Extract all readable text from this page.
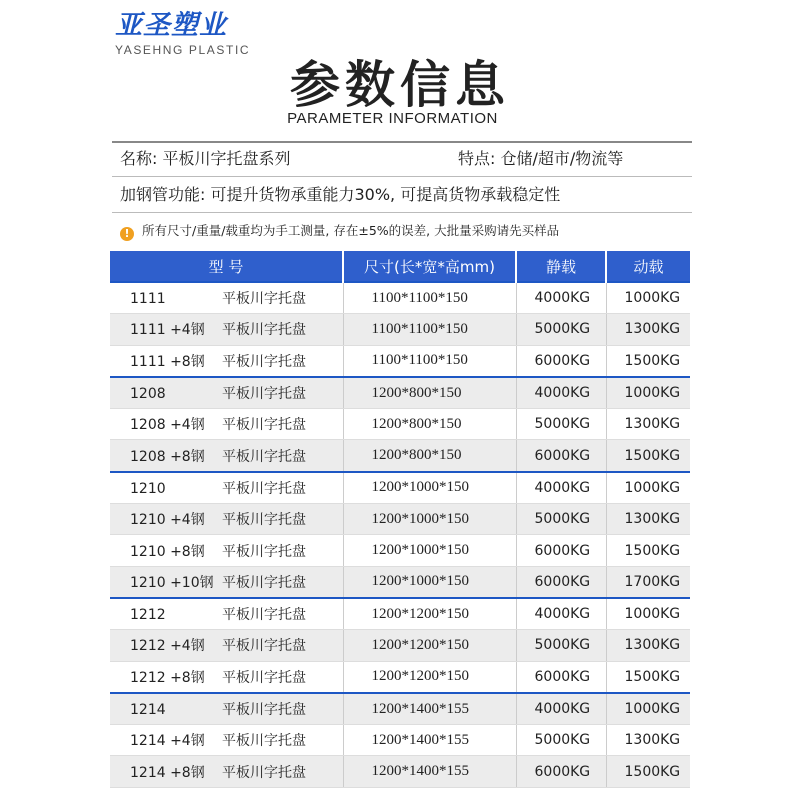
亚圣塑业
YASEHNG PLASTIC
参数信息
PARAMETER INFORMATION
名称: 平板川字托盘系列	特点: 仓储/超市/物流等
加钢管功能: 可提升货物承重能力30%, 可提高货物承载稳定性
! 所有尺寸/重量/载重均为手工测量, 存在±5%的误差, 大批量采购请先买样品
型 号	尺寸(长*宽*高mm)	静载	动载
1111 平板川字托盘	1100*1100*150	4000KG	1000KG
1111 +4钢 平板川字托盘	1100*1100*150	5000KG	1300KG
1111 +8钢 平板川字托盘	1100*1100*150	6000KG	1500KG
1208 平板川字托盘	1200*800*150	4000KG	1000KG
1208 +4钢 平板川字托盘	1200*800*150	5000KG	1300KG
1208 +8钢 平板川字托盘	1200*800*150	6000KG	1500KG
1210 平板川字托盘	1200*1000*150	4000KG	1000KG
1210 +4钢 平板川字托盘	1200*1000*150	5000KG	1300KG
1210 +8钢 平板川字托盘	1200*1000*150	6000KG	1500KG
1210 +10钢 平板川字托盘	1200*1000*150	6000KG	1700KG
1212 平板川字托盘	1200*1200*150	4000KG	1000KG
1212 +4钢 平板川字托盘	1200*1200*150	5000KG	1300KG
1212 +8钢 平板川字托盘	1200*1200*150	6000KG	1500KG
1214 平板川字托盘	1200*1400*155	4000KG	1000KG
1214 +4钢 平板川字托盘	1200*1400*155	5000KG	1300KG
1214 +8钢 平板川字托盘	1200*1400*155	6000KG	1500KG
